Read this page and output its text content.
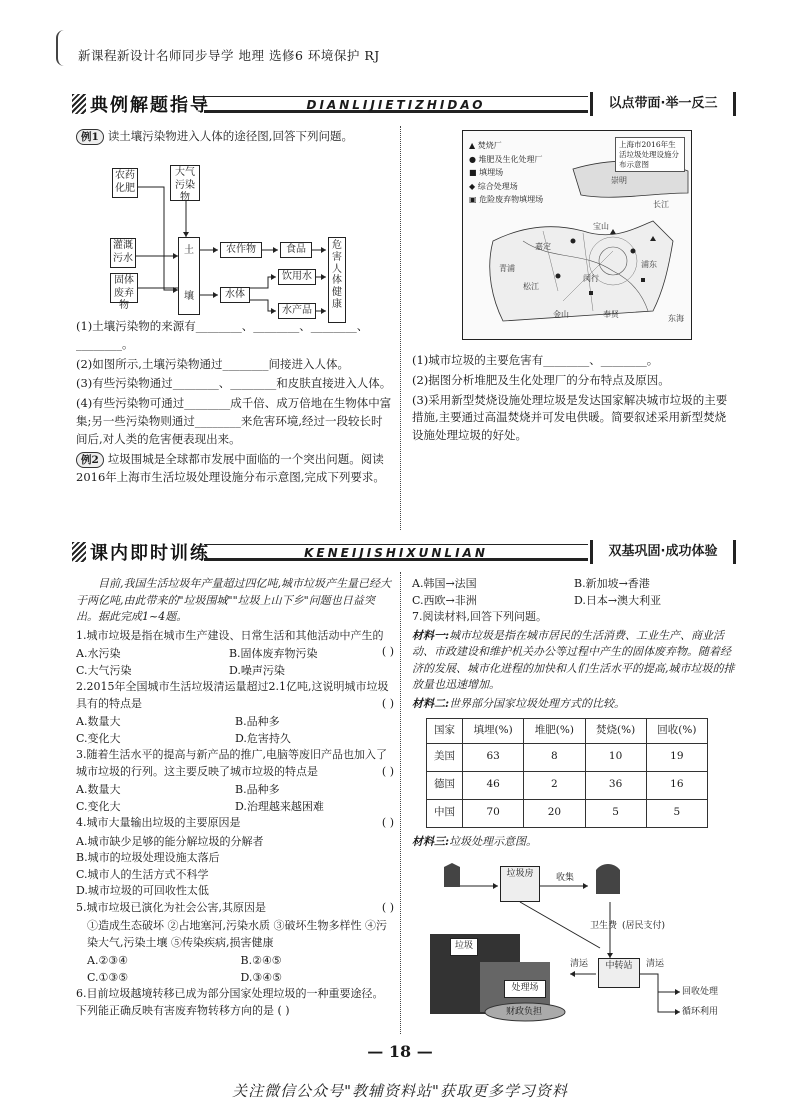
新课程新设计名师同步导学 地理 选修6 环境保护 RJ
典例解题指导	DIANLIJIETIZHIDAO	以点带面·举一反三

例1 读土壤污染物进入人体的途径图,回答下列问题。

农药化肥
大气污染物
灌溉污水
固体废弃物
土
壤
农作物	食品
水体
饮用水
水产品
危害人体健康

(1)土壤污染物的来源有________、________、________、________。

(2)如图所示,土壤污染物通过________间接进入人体。

(3)有些污染物通过________、________和皮肤直接进入人体。

(4)有些污染物可通过________成千倍、成万倍地在生物体中富集;另一些污染物则通过________来危害环境,经过一段较长时间后,对人类的危害便表现出来。

例2 垃圾围城是全球都市发展中面临的一个突出问题。阅读2016年上海市生活垃圾处理设施分布示意图,完成下列要求。

崇明
长江
嘉定
宝山
浦东
松江
金山	奉贤
青浦
闵行
东海
▲ 焚烧厂
● 堆肥及生化处理厂
■ 填埋场
◆ 综合处理场
▣ 危险废弃物填埋场
上海市2016年生活垃圾处理设施分布示意图

(1)城市垃圾的主要危害有________、________。

(2)据图分析堆肥及生化处理厂的分布特点及原因。

(3)采用新型焚烧设施处理垃圾是发达国家解决城市垃圾的主要措施,主要通过高温焚烧并可发电供暖。简要叙述采用新型焚烧设施处理垃圾的好处。

课内即时训练	KENEIJISHIXUNLIAN	双基巩固·成功体验

目前,我国生活垃圾年产量超过四亿吨,城市垃圾产生量已经大于两亿吨,由此带来的"垃圾围城""垃圾上山下乡"问题也日益突出。据此完成1~4题。

1.城市垃圾是指在城市生产建设、日常生活和其他活动中产生的
( )

A.水污染	B.固体废弃物污染
C.大气污染	D.噪声污染

2.2015年全国城市生活垃圾清运量超过2.1亿吨,这说明城市垃圾具有的特点是	( )

A.数量大	B.品种多
C.变化大	D.危害持久

3.随着生活水平的提高与新产品的推广,电脑等废旧产品也加入了城市垃圾的行列。这主要反映了城市垃圾的特点是	( )

A.数量大	B.品种多
C.变化大	D.治理越来越困难

4.城市大量输出垃圾的主要原因是	( )

A.城市缺少足够的能分解垃圾的分解者
B.城市的垃圾处理设施太落后
C.城市人的生活方式不科学
D.城市垃圾的可回收性太低

5.城市垃圾已演化为社会公害,其原因是	( )

①造成生态破坏 ②占地塞河,污染水质 ③破坏生物多样性 ④污染大气,污染土壤 ⑤传染疾病,损害健康

A.②③④	B.②④⑤
C.①③⑤	D.③④⑤

6.目前垃圾越境转移已成为部分国家处理垃圾的一种重要途径。下列能正确反映有害废弃物转移方向的是 ( )

A.韩国→法国	B.新加坡→香港
C.西欧→非洲	D.日本→澳大利亚

7.阅读材料,回答下列问题。

材料一:城市垃圾是指在城市居民的生活消费、工业生产、商业活动、市政建设和维护机关办公等过程中产生的固体废弃物。随着经济的发展、城市化进程的加快和人们生活水平的提高,城市垃圾的排放量也迅速增加。

材料二:世界部分国家垃圾处理方式的比较。

国家	填埋(%)	堆肥(%)	焚烧(%)	回收(%)
美国	63	8	10	19
德国	46	2	36	16
中国	70	20	5	5

材料三:垃圾处理示意图。

垃圾房	收集
卫生费 (居民支付)
清运	清运
中转站
垃圾
处理场
财政负担
回收处理
循环利用
— 18 —
关注微信公众号"教辅资料站"获取更多学习资料
